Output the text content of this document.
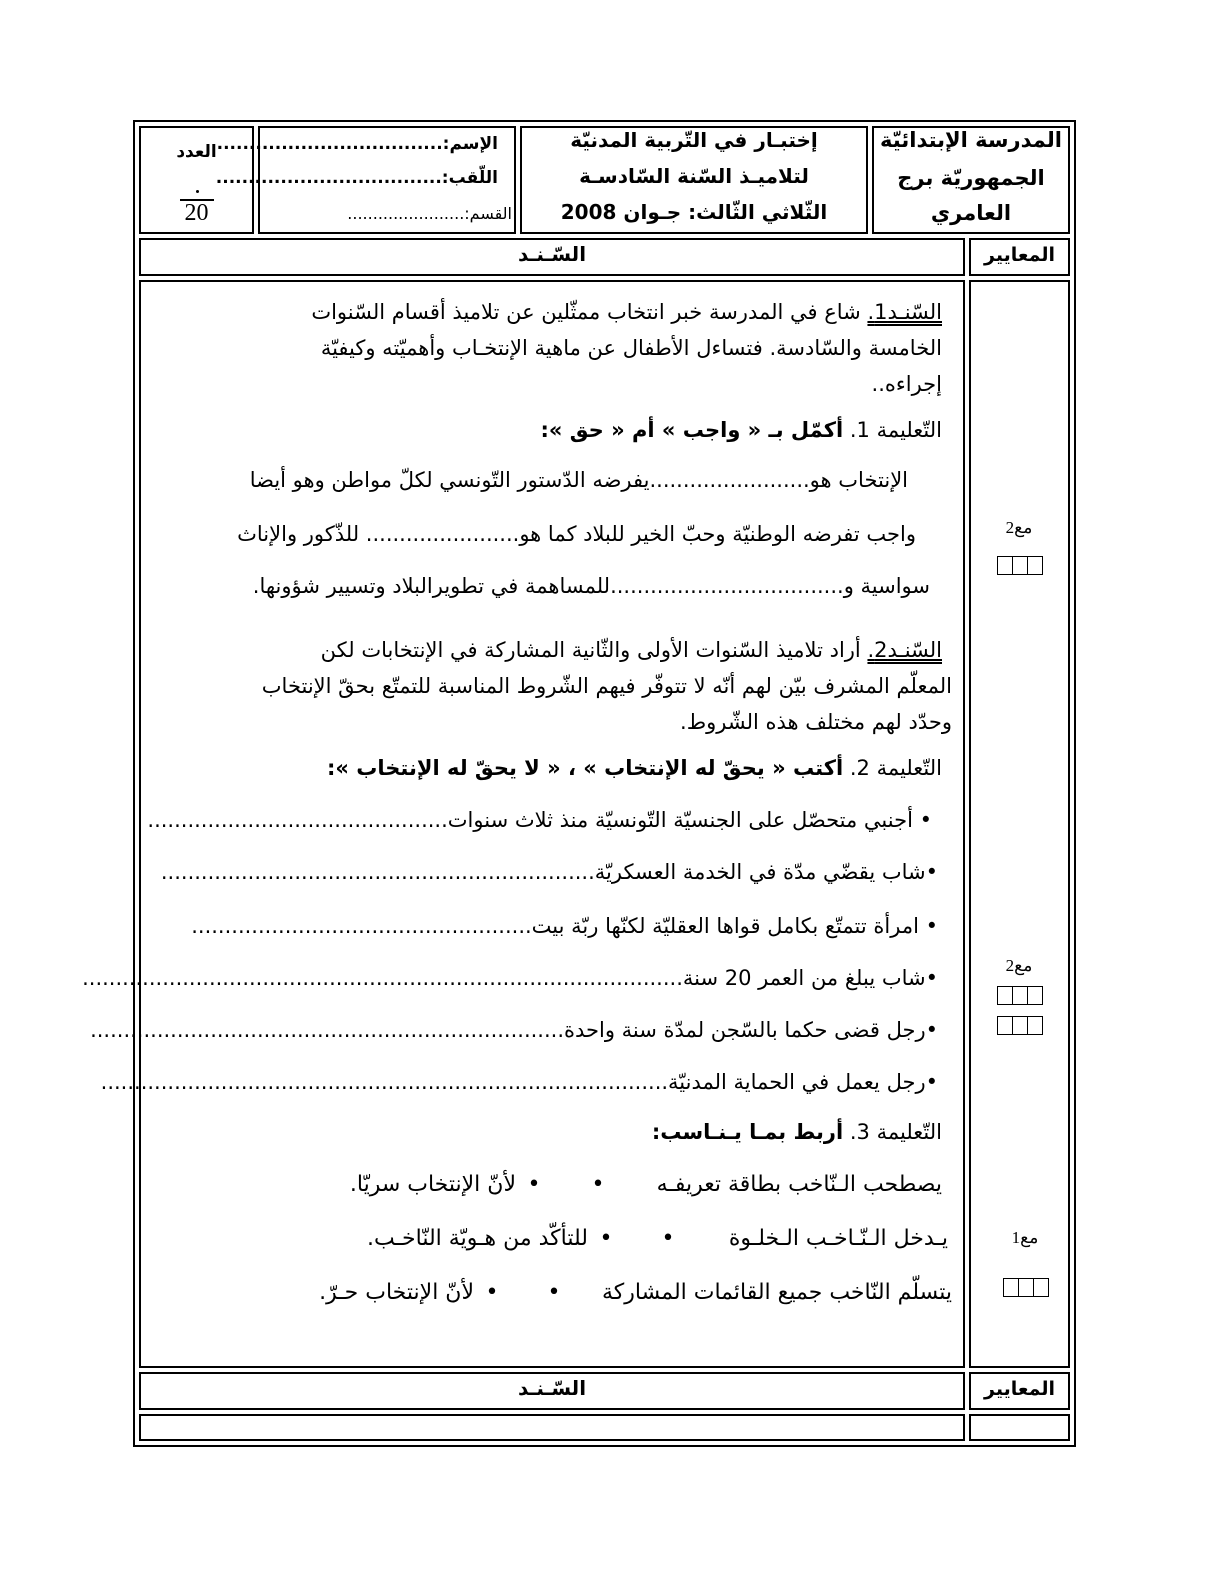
المدرسة الإبتدائيّة
الجمهوريّة برج
العامري
إختبـار في التّربية المدنيّة
لتلاميـذ السّنة السّادسـة
الثّلاثي الثّالث: جـوان 2008
الإسم:...................................
اللّقب:...................................
القسم:.......................
العدد
20
المعايير
السّـنـد
السّنـد1. شاع في المدرسة خبر انتخاب ممثّلين عن تلاميذ أقسام السّنوات
الخامسة والسّادسة. فتساءل الأطفال عن ماهية الإنتخـاب وأهميّته وكيفيّة
إجراءه..
التّعليمة 1. أكمّل بـ « واجب » أم « حق »:
الإنتخاب هو........................يفرضه الدّستور التّونسي لكلّ مواطن وهو أيضا
واجب تفرضه الوطنيّة وحبّ الخير للبلاد كما هو....................... للذّكور والإناث
سواسية و...................................للمساهمة في تطويرالبلاد وتسيير شؤونها.
السّنـد2. أراد تلاميذ السّنوات الأولى والثّانية المشاركة في الإنتخابات لكن
المعلّم المشرف بيّن لهم أنّه لا تتوفّر فيهم الشّروط المناسبة للتمتّع بحقّ الإنتخاب
وحدّد لهم مختلف هذه الشّروط.
التّعليمة 2. أكتب « يحقّ له الإنتخاب » ، « لا يحقّ له الإنتخاب »:
• أجنبي متحصّل على الجنسيّة التّونسيّة منذ ثلاث سنوات.............................................
•شاب يقضّي مدّة في الخدمة العسكريّة.................................................................
• امرأة تتمتّع بكامل قواها العقليّة لكنّها ربّة بيت...................................................
•شاب يبلغ من العمر 20 سنة..........................................................................................
•رجل قضى حكما بالسّجن لمدّة سنة واحدة.......................................................................
•رجل يعمل في الحماية المدنيّة.....................................................................................
التّعليمة 3. أربط بمـا يـنـاسب:
يصطحب الـنّاخب بطاقة تعريفـه
•
•
لأنّ الإنتخاب سريّا.
يـدخل الـنّـاخـب الـخلـوة
•
•
للتأكّد من هـويّة النّاخـب.
يتسلّم النّاخب جميع القائمات المشاركة
•
•
لأنّ الإنتخاب حـرّ.
مع2
مع2
مع1
المعايير
السّـنـد
